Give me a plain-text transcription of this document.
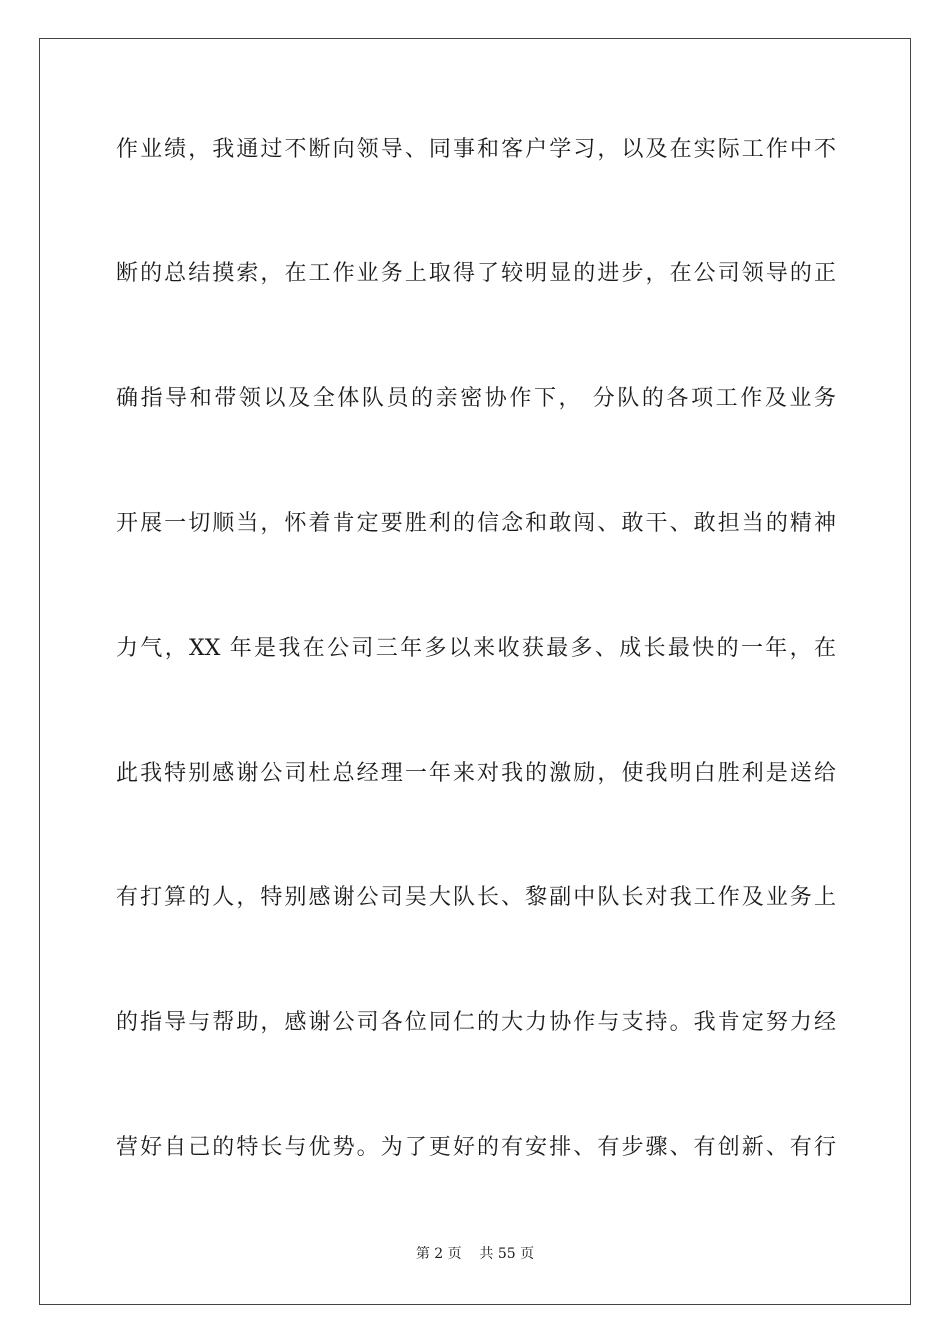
作业绩，我通过不断向领导、同事和客户学习，以及在实际工作中不
断的总结摸索，在工作业务上取得了较明显的进步，在公司领导的正
确指导和带领以及全体队员的亲密协作下， 分队的各项工作及业务
开展一切顺当，怀着肯定要胜利的信念和敢闯、敢干、敢担当的精神
力气，XX 年是我在公司三年多以来收获最多、成长最快的一年，在
此我特别感谢公司杜总经理一年来对我的激励，使我明白胜利是送给
有打算的人，特别感谢公司吴大队长、黎副中队长对我工作及业务上
的指导与帮助，感谢公司各位同仁的大力协作与支持。我肯定努力经
营好自己的特长与优势。为了更好的有安排、有步骤、有创新、有行
第 2 页    共 55 页
